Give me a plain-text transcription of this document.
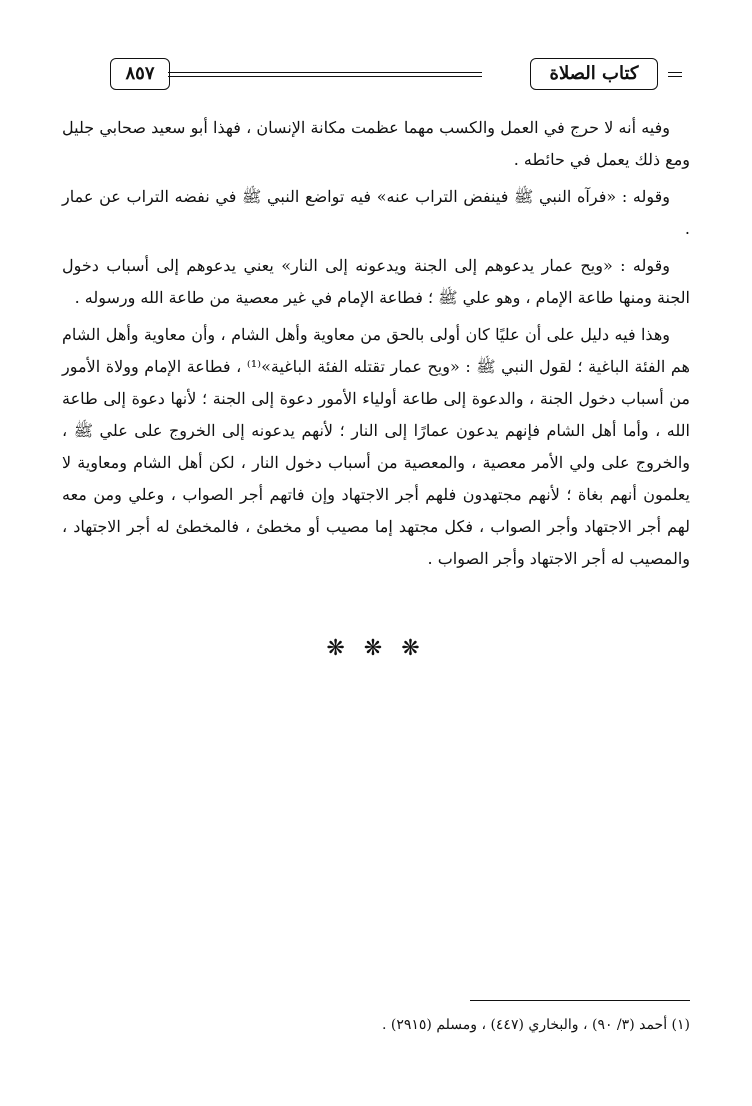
٨٥٧	كتاب الصلاة

وفيه أنه لا حرج في العمل والكسب مهما عظمت مكانة الإنسان ، فهذا أبو سعيد صحابي جليل ومع ذلك يعمل في حائطه .

وقوله : «فرآه النبي ﷺ فينفض التراب عنه» فيه تواضع النبي ﷺ في نفضه التراب عن عمار .

وقوله : «ويح عمار يدعوهم إلى الجنة ويدعونه إلى النار» يعني يدعوهم إلى أسباب دخول الجنة ومنها طاعة الإمام ، وهو علي ﷺ ؛ فطاعة الإمام في غير معصية من طاعة الله ورسوله .

وهذا فيه دليل على أن عليًا كان أولى بالحق من معاوية وأهل الشام ، وأن معاوية وأهل الشام هم الفئة الباغية ؛ لقول النبي ﷺ : «ويح عمار تقتله الفئة الباغية»⁽¹⁾ ، فطاعة الإمام وولاة الأمور من أسباب دخول الجنة ، والدعوة إلى طاعة أولياء الأمور دعوة إلى الجنة ؛ لأنها دعوة إلى طاعة الله ، وأما أهل الشام فإنهم يدعون عمارًا إلى النار ؛ لأنهم يدعونه إلى الخروج على علي ﷺ ، والخروج على ولي الأمر معصية ، والمعصية من أسباب دخول النار ، لكن أهل الشام ومعاوية لا يعلمون أنهم بغاة ؛ لأنهم مجتهدون فلهم أجر الاجتهاد وإن فاتهم أجر الصواب ، وعلي ومن معه لهم أجر الاجتهاد وأجر الصواب ، فكل مجتهد إما مصيب أو مخطئ ، فالمخطئ له أجر الاجتهاد ، والمصيب له أجر الاجتهاد وأجر الصواب .

❋ ❋ ❋
(١) أحمد (٣/ ٩٠) ، والبخاري (٤٤٧) ، ومسلم (٢٩١٥) .
